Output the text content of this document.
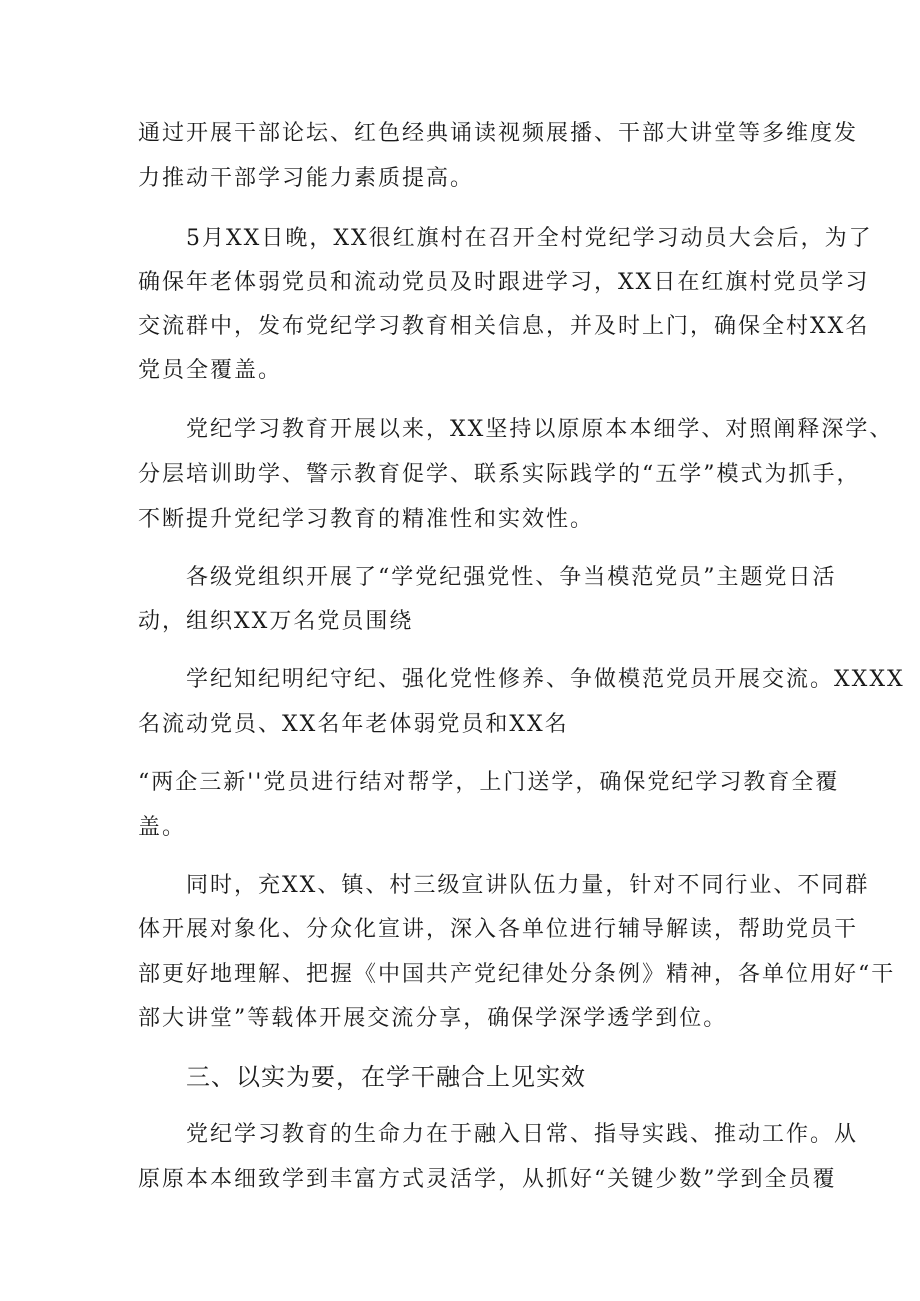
通过开展干部论坛、红色经典诵读视频展播、干部大讲堂等多维度发
力推动干部学习能力素质提高。
5月XX日晚，XX很红旗村在召开全村党纪学习动员大会后，为了
确保年老体弱党员和流动党员及时跟进学习，XX日在红旗村党员学习
交流群中，发布党纪学习教育相关信息，并及时上门，确保全村XX名
党员全覆盖。
党纪学习教育开展以来，XX坚持以原原本本细学、对照阐释深学、
分层培训助学、警示教育促学、联系实际践学的“五学”模式为抓手，
不断提升党纪学习教育的精准性和实效性。
各级党组织开展了“学党纪强党性、争当模范党员”主题党日活
动，组织XX万名党员围绕
学纪知纪明纪守纪、强化党性修养、争做模范党员开展交流。XXXX
名流动党员、XX名年老体弱党员和XX名
“两企三新''党员进行结对帮学，上门送学，确保党纪学习教育全覆
盖。
同时，充XX、镇、村三级宣讲队伍力量，针对不同行业、不同群
体开展对象化、分众化宣讲，深入各单位进行辅导解读，帮助党员干
部更好地理解、把握《中国共产党纪律处分条例》精神，各单位用好“干
部大讲堂”等载体开展交流分享，确保学深学透学到位。
三、以实为要，在学干融合上见实效
党纪学习教育的生命力在于融入日常、指导实践、推动工作。从
原原本本细致学到丰富方式灵活学，从抓好“关键少数”学到全员覆
